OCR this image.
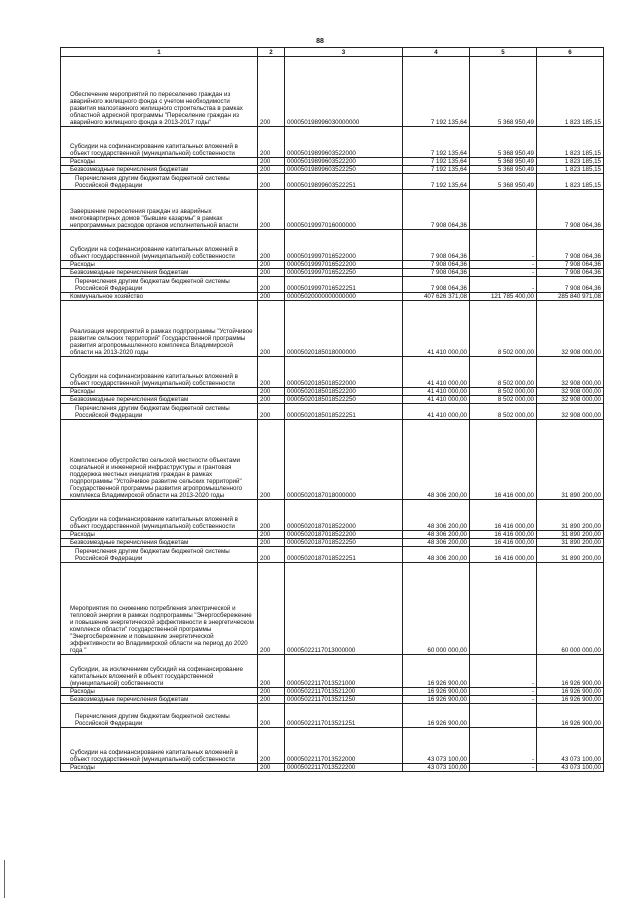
88
1	2	3	4	5	6
Обеспечение мероприятий по переселению граждан из аварийного жилищного фонда с учетом необходимости развития малоэтажного жилищного строительства в рамках областной адресной программы "Переселение граждан из аварийного жилищного фонда в 2013-2017 годы"	200	000050198996030000000	7 192 135,64	5 368 950,49	1 823 185,15
Субсидии на софинансирование капитальных вложений в объект государственной (муниципальной) собственности	200	00005019899603522000	7 192 135,64	5 368 950,49	1 823 185,15
Расходы	200	00005019899603522200	7 192 135,64	5 368 950,49	1 823 185,15
Безвозмездные перечисления бюджетам	200	00005019899603522250	7 192 135,64	5 368 950,49	1 823 185,15
Перечисления другим бюджетам бюджетной системы Российской Федерации	200	00005019899603522251	7 192 135,64	5 368 950,49	1 823 185,15
Завершение переселения граждан из аварийных многоквартирных домов "бывшие казармы" в рамках непрограммных расходов органов исполнительной власти	200	00005019997016000000	7 908 064,36		7 908 064,36
Субсидии на софинансирование капитальных вложений в объект государственной (муниципальной) собственности	200	00005019997016522000	7 908 064,36	-	7 908 064,36
Расходы	200	00005019997016522200	7 908 064,36	-	7 908 064,36
Безвозмездные перечисления бюджетам	200	00005019997016522250	7 908 064,36	-	7 908 064,36
Перечисления другим бюджетам бюджетной системы Российской Федерации	200	00005019997016522251	7 908 064,36	-	7 908 064,36
Коммунальное хозяйство	200	00005020000000000000	407 626 371,08	121 785 400,00	285 840 971,08
Реализация мероприятий в рамках подпрограммы "Устойчивое развитие сельских территорий" Государственной программы развития агропромышленного комплекса Владимирской области на 2013-2020 годы	200	00005020185018000000	41 410 000,00	8 502 000,00	32 908 000,00
Субсидии на софинансирование капитальных вложений в объект государственной (муниципальной) собственности	200	00005020185018522000	41 410 000,00	8 502 000,00	32 908 000,00
Расходы	200	00005020185018522200	41 410 000,00	8 502 000,00	32 908 000,00
Безвозмездные перечисления бюджетам	200	00005020185018522250	41 410 000,00	8 502 000,00	32 908 000,00
Перечисления другим бюджетам бюджетной системы Российской Федерации	200	00005020185018522251	41 410 000,00	8 502 000,00	32 908 000,00
Комплексное обустройство сельской местности объектами социальной и инженерной инфраструктуры и грантовая поддержка местных инициатив граждан в рамках подпрограммы "Устойчивое развитие сельских территорий" Государственной программы развития агропромышленного комплекса Владимирской области на 2013-2020 годы	200	00005020187018000000	48 306 200,00	16 416 000,00	31 890 200,00
Субсидии на софинансирование капитальных вложений в объект государственной (муниципальной) собственности	200	00005020187018522000	48 306 200,00	16 416 000,00	31 890 200,00
Расходы	200	00005020187018522200	48 306 200,00	16 416 000,00	31 890 200,00
Безвозмездные перечисления бюджетам	200	00005020187018522250	48 306 200,00	16 416 000,00	31 890 200,00
Перечисления другим бюджетам бюджетной системы Российской Федерации	200	00005020187018522251	48 306 200,00	16 416 000,00	31 890 200,00
Мероприятия по снижению потребления электрической и тепловой энергии в рамках подпрограммы "Энергосбережение и повышение энергетической эффективности в энергетическом комплексе области" государственной программы "Энергосбережение и повышение энергетической эффективности во Владимирской области на период до 2020 года "	200	00005022117013000000	60 000 000,00		60 000 000,00
Субсидии, за исключением субсидий на софинансирование капитальных вложений в объект государственной (муниципальной) собственности	200	00005022117013521000	16 926 900,00	-	16 926 900,00
Расходы	200	00005022117013521200	16 926 900,00	-	16 926 900,00
Безвозмездные перечисления бюджетам	200	00005022117013521250	16 926 900,00	-	16 926 900,00
Перечисления другим бюджетам бюджетной системы Российской Федерации	200	00005022117013521251	16 926 900,00		16 926 900,00
Субсидии на софинансирование капитальных вложений в объект государственной (муниципальной) собственности	200	00005022117013522000	43 073 100,00	-	43 073 100,00
Расходы	200	00005022117013522200	43 073 100,00	-	43 073 100,00
